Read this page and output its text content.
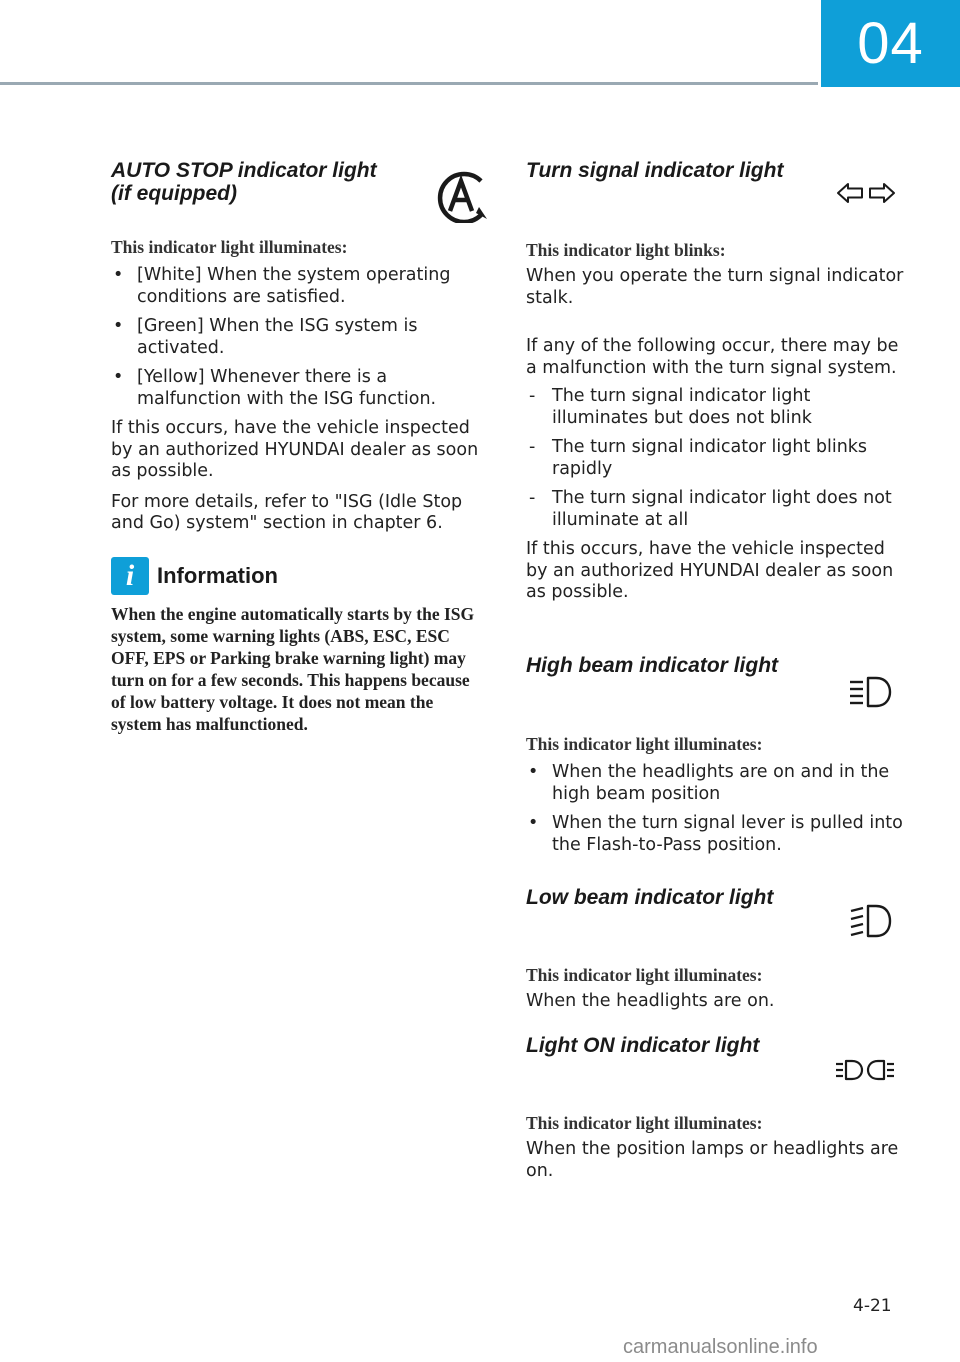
04
AUTO STOP indicator light (if equipped)

This indicator light illuminates:

• [White] When the system operating conditions are satisfied.
• [Green] When the ISG system is activated.
• [Yellow] Whenever there is a malfunction with the ISG function.

If this occurs, have the vehicle inspected by an authorized HYUNDAI dealer as soon as possible.

For more details, refer to "ISG (Idle Stop and Go) system" section in chapter 6.

i Information

When the engine automatically starts by the ISG system, some warning lights (ABS, ESC, ESC OFF, EPS or Parking brake warning light) may turn on for a few seconds. This happens because of low battery voltage. It does not mean the system has malfunctioned.

Turn signal indicator light

This indicator light blinks:

When you operate the turn signal indicator stalk.

If any of the following occur, there may be a malfunction with the turn signal system.

- The turn signal indicator light illuminates but does not blink
- The turn signal indicator light blinks rapidly
- The turn signal indicator light does not illuminate at all

If this occurs, have the vehicle inspected by an authorized HYUNDAI dealer as soon as possible.

High beam indicator light

This indicator light illuminates:

• When the headlights are on and in the high beam position
• When the turn signal lever is pulled into the Flash-to-Pass position.
Low beam indicator light

This indicator light illuminates:

When the headlights are on.

Light ON indicator light

This indicator light illuminates:

When the position lamps or headlights are on.

4-21
carmanualsonline.info
